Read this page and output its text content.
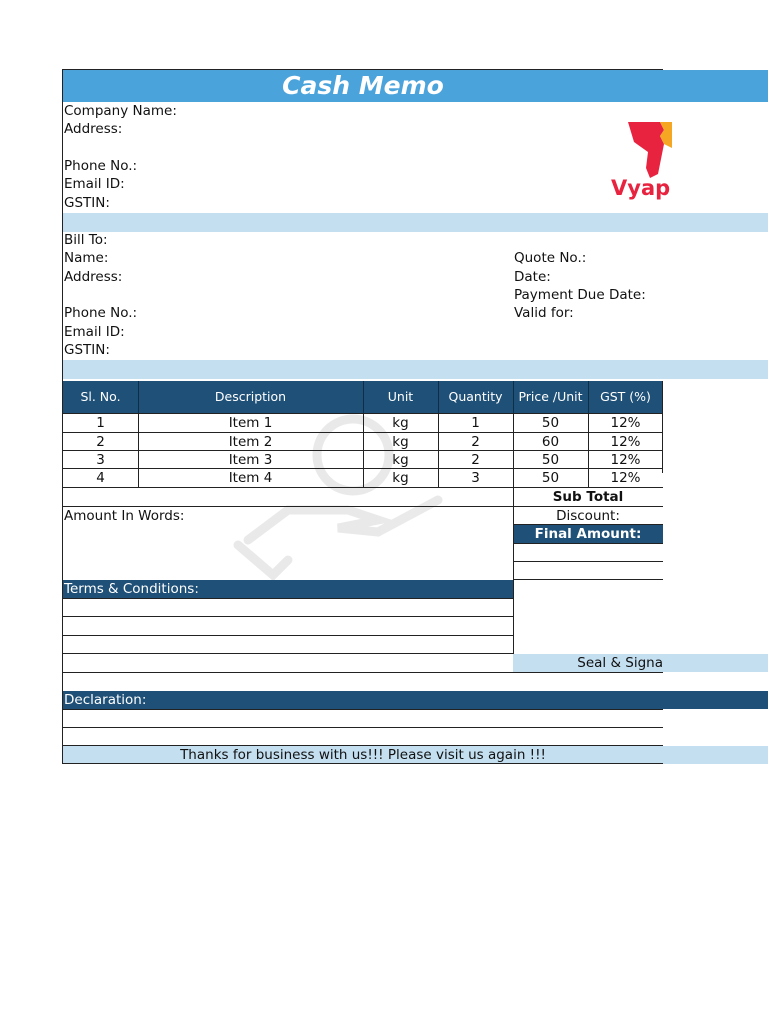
Cash Memo
Company Name:
Address:
Phone No.:
Email ID:
GSTIN:
Vyap
Bill To:
Name:
Address:
Phone No.:
Email ID:
GSTIN:
Quote No.:
Date:
Payment Due Date:
Valid for:
Sl. No.	Description	Unit	Quantity	Price /Unit	GST (%)
1	Item 1	kg	1	50	12%
2	Item 2	kg	2	60	12%
3	Item 3	kg	2	50	12%
4	Item 4	kg	3	50	12%
Sub Total
Amount In Words:	Discount:
Final Amount:
Terms & Conditions:
Seal & Signa
Declaration:
Thanks for business with us!!! Please visit us again !!!
